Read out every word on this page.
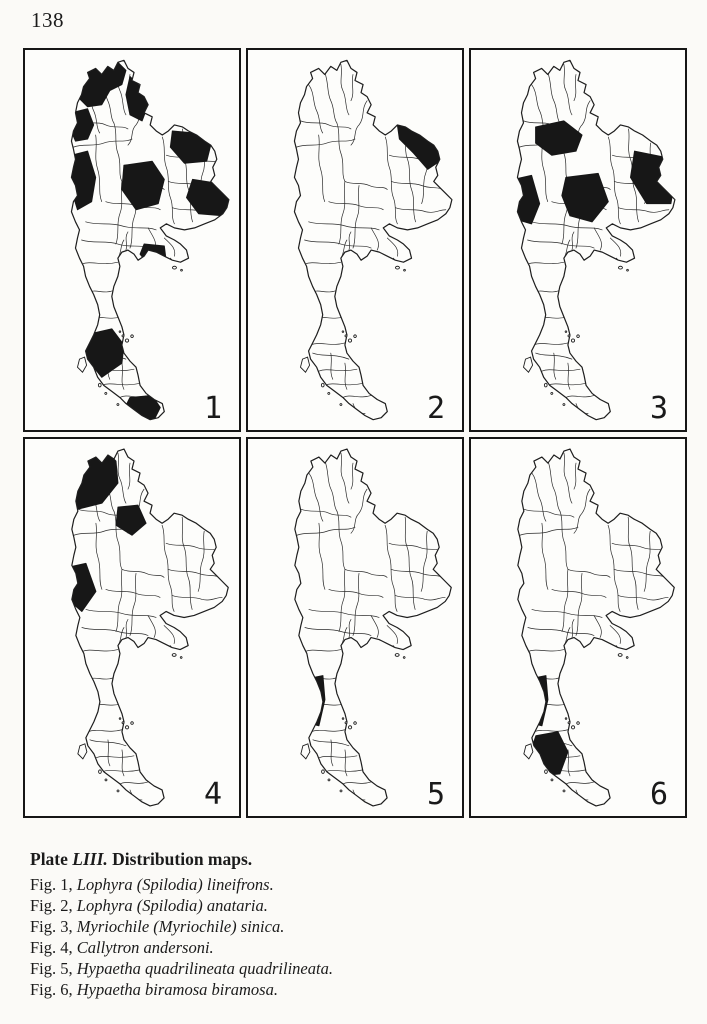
138
1	2	3
4	5	6
Plate LIII. Distribution maps.
Fig. 1, Lophyra (Spilodia) lineifrons.
Fig. 2, Lophyra (Spilodia) anataria.
Fig. 3, Myriochile (Myriochile) sinica.
Fig. 4, Callytron andersoni.
Fig. 5, Hypaetha quadrilineata quadrilineata.
Fig. 6, Hypaetha biramosa biramosa.
